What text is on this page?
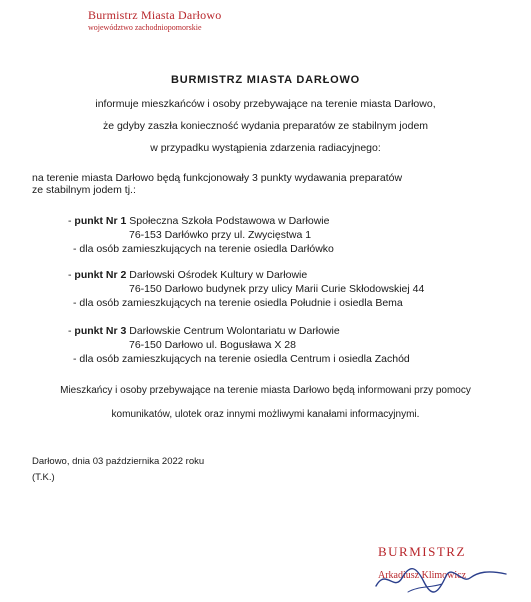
Burmistrz Miasta Darłowo
województwo zachodniopomorskie
BURMISTRZ MIASTA DARŁOWO
informuje mieszkańców i osoby przebywające na terenie miasta Darłowo,
że gdyby zaszła konieczność wydania preparatów ze stabilnym jodem
w przypadku wystąpienia zdarzenia radiacyjnego:
na terenie miasta Darłowo będą funkcjonowały 3 punkty wydawania preparatów
ze stabilnym jodem tj.:
- punkt Nr 1 Społeczna Szkoła Podstawowa w Darłowie
76-153 Darłówko przy ul. Zwycięstwa 1
- dla osób zamieszkujących na terenie osiedla Darłówko
- punkt Nr 2 Darłowski Ośrodek Kultury w Darłowie
76-150 Darłowo budynek przy ulicy Marii Curie Skłodowskiej 44
- dla osób zamieszkujących na terenie osiedla Południe i osiedla Bema
- punkt Nr 3 Darłowskie Centrum Wolontariatu w Darłowie
76-150 Darłowo ul. Bogusława X 28
- dla osób zamieszkujących na terenie osiedla Centrum i osiedla Zachód
Mieszkańcy i osoby przebywające na terenie miasta Darłowo będą informowani przy pomocy
komunikatów, ulotek oraz innymi możliwymi kanałami informacyjnymi.
Darłowo, dnia 03 października 2022 roku
(T.K.)
BURMISTRZ
Arkadiusz Klimowicz
